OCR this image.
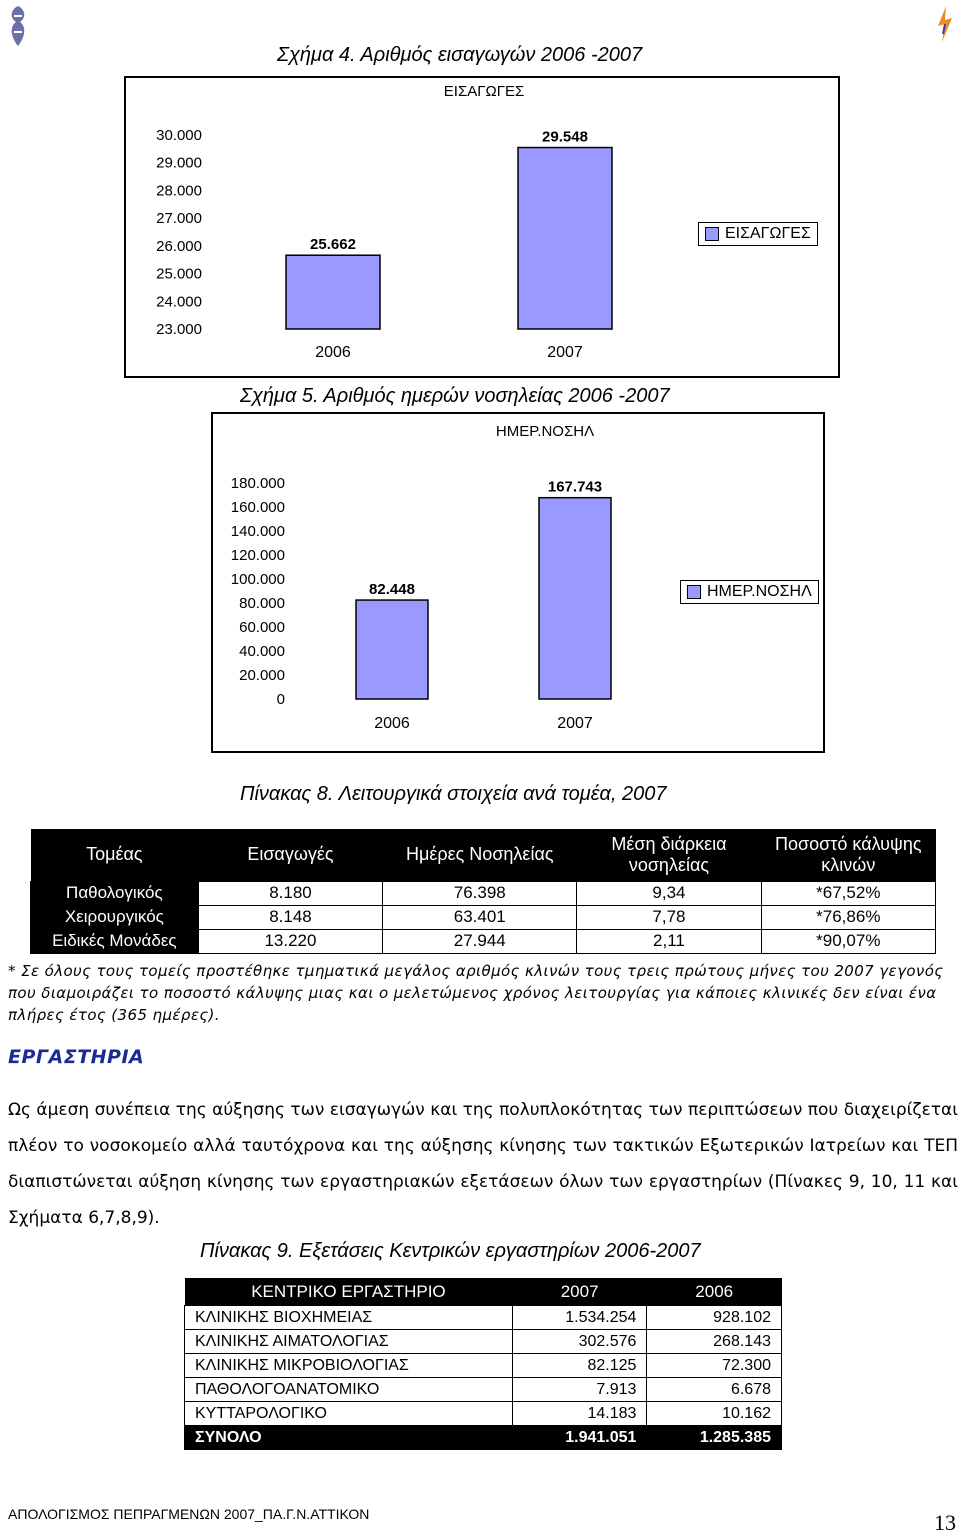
Σχήμα 4. Αριθμός εισαγωγών 2006 -2007
ΕΙΣΑΓΩΓΕΣ
30.000
29.000
28.000
27.000
26.000
25.000
24.000
23.000
25.662
2006
29.548
2007
ΕΙΣΑΓΩΓΕΣ
Σχήμα 5. Αριθμός ημερών νοσηλείας 2006 -2007
ΗΜΕΡ.ΝΟΣΗΛ
180.000
160.000
140.000
120.000
100.000
80.000
60.000
40.000
20.000
0
82.448
2006
167.743
2007
ΗΜΕΡ.ΝΟΣΗΛ
Πίνακας 8. Λειτουργικά στοιχεία ανά τομέα, 2007
Τομέας	Εισαγωγές	Ημέρες Νοσηλείας	Μέση διάρκεια νοσηλείας	Ποσοστό κάλυψης κλινών
Παθολογικός	8.180	76.398	9,34	*67,52%
Χειρουργικός	8.148	63.401	7,78	*76,86%
Ειδικές Μονάδες	13.220	27.944	2,11	*90,07%
* Σε όλους τους τομείς προστέθηκε τμηματικά μεγάλος αριθμός κλινών τους τρεις πρώτους μήνες του 2007 γεγονός που διαμοιράζει το ποσοστό κάλυψης μιας και ο μελετώμενος χρόνος λειτουργίας για κάποιες κλινικές δεν είναι ένα πλήρες έτος (365 ημέρες).
ΕΡΓΑΣΤΗΡΙΑ
Ως άμεση συνέπεια της αύξησης των εισαγωγών και της πολυπλοκότητας των περιπτώσεων που διαχειρίζεται πλέον το νοσοκομείο αλλά ταυτόχρονα και της αύξησης κίνησης των τακτικών Εξωτερικών Ιατρείων και ΤΕΠ διαπιστώνεται αύξηση κίνησης των εργαστηριακών εξετάσεων όλων των εργαστηρίων (Πίνακες 9, 10, 11 και Σχήματα 6,7,8,9).
Πίνακας 9. Εξετάσεις Κεντρικών εργαστηρίων 2006-2007
ΚΕΝΤΡΙΚΟ ΕΡΓΑΣΤΗΡΙΟ	2007	2006
ΚΛΙΝΙΚΗΣ ΒΙΟΧΗΜΕΙΑΣ	1.534.254	928.102
ΚΛΙΝΙΚΗΣ ΑΙΜΑΤΟΛΟΓΙΑΣ	302.576	268.143
ΚΛΙΝΙΚΗΣ ΜΙΚΡΟΒΙΟΛΟΓΙΑΣ	82.125	72.300
ΠΑΘΟΛΟΓΟΑΝΑΤΟΜΙΚΟ	7.913	6.678
ΚΥΤΤΑΡΟΛΟΓΙΚΟ	14.183	10.162
ΣΥΝΟΛΟ	1.941.051	1.285.385
ΑΠΟΛΟΓΙΣΜΟΣ ΠΕΠΡΑΓΜΕΝΩΝ 2007_ΠΑ.Γ.Ν.ΑΤΤΙΚΟΝ	13
